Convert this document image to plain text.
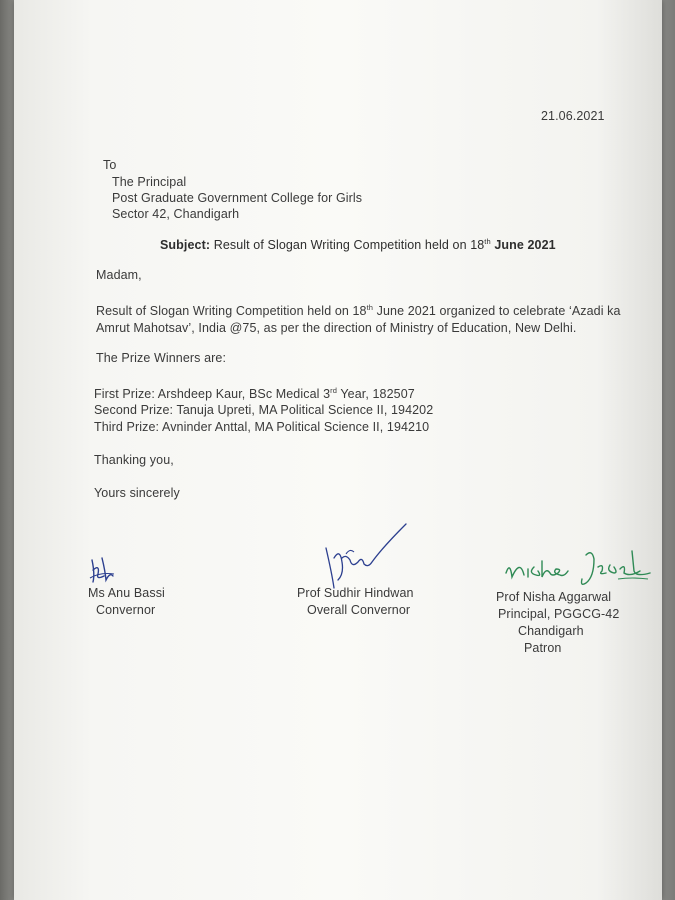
21.06.2021

To

The Principal

Post Graduate Government College for Girls

Sector 42, Chandigarh

Subject: Result of Slogan Writing Competition held on 18th June 2021

Madam,

Result of Slogan Writing Competition held on 18th June 2021 organized to celebrate ‘Azadi ka

Amrut Mahotsav’, India @75, as per the direction of Ministry of Education, New Delhi.

The Prize Winners are:

First Prize: Arshdeep Kaur, BSc Medical 3rd Year, 182507

Second Prize: Tanuja Upreti, MA Political Science II, 194202

Third Prize: Avninder Anttal, MA Political Science II, 194210

Thanking you,

Yours sincerely

Ms Anu Bassi

Convernor

Prof Sudhir Hindwan

Overall Convernor

Prof Nisha Aggarwal

Principal, PGGCG-42

Chandigarh

Patron
